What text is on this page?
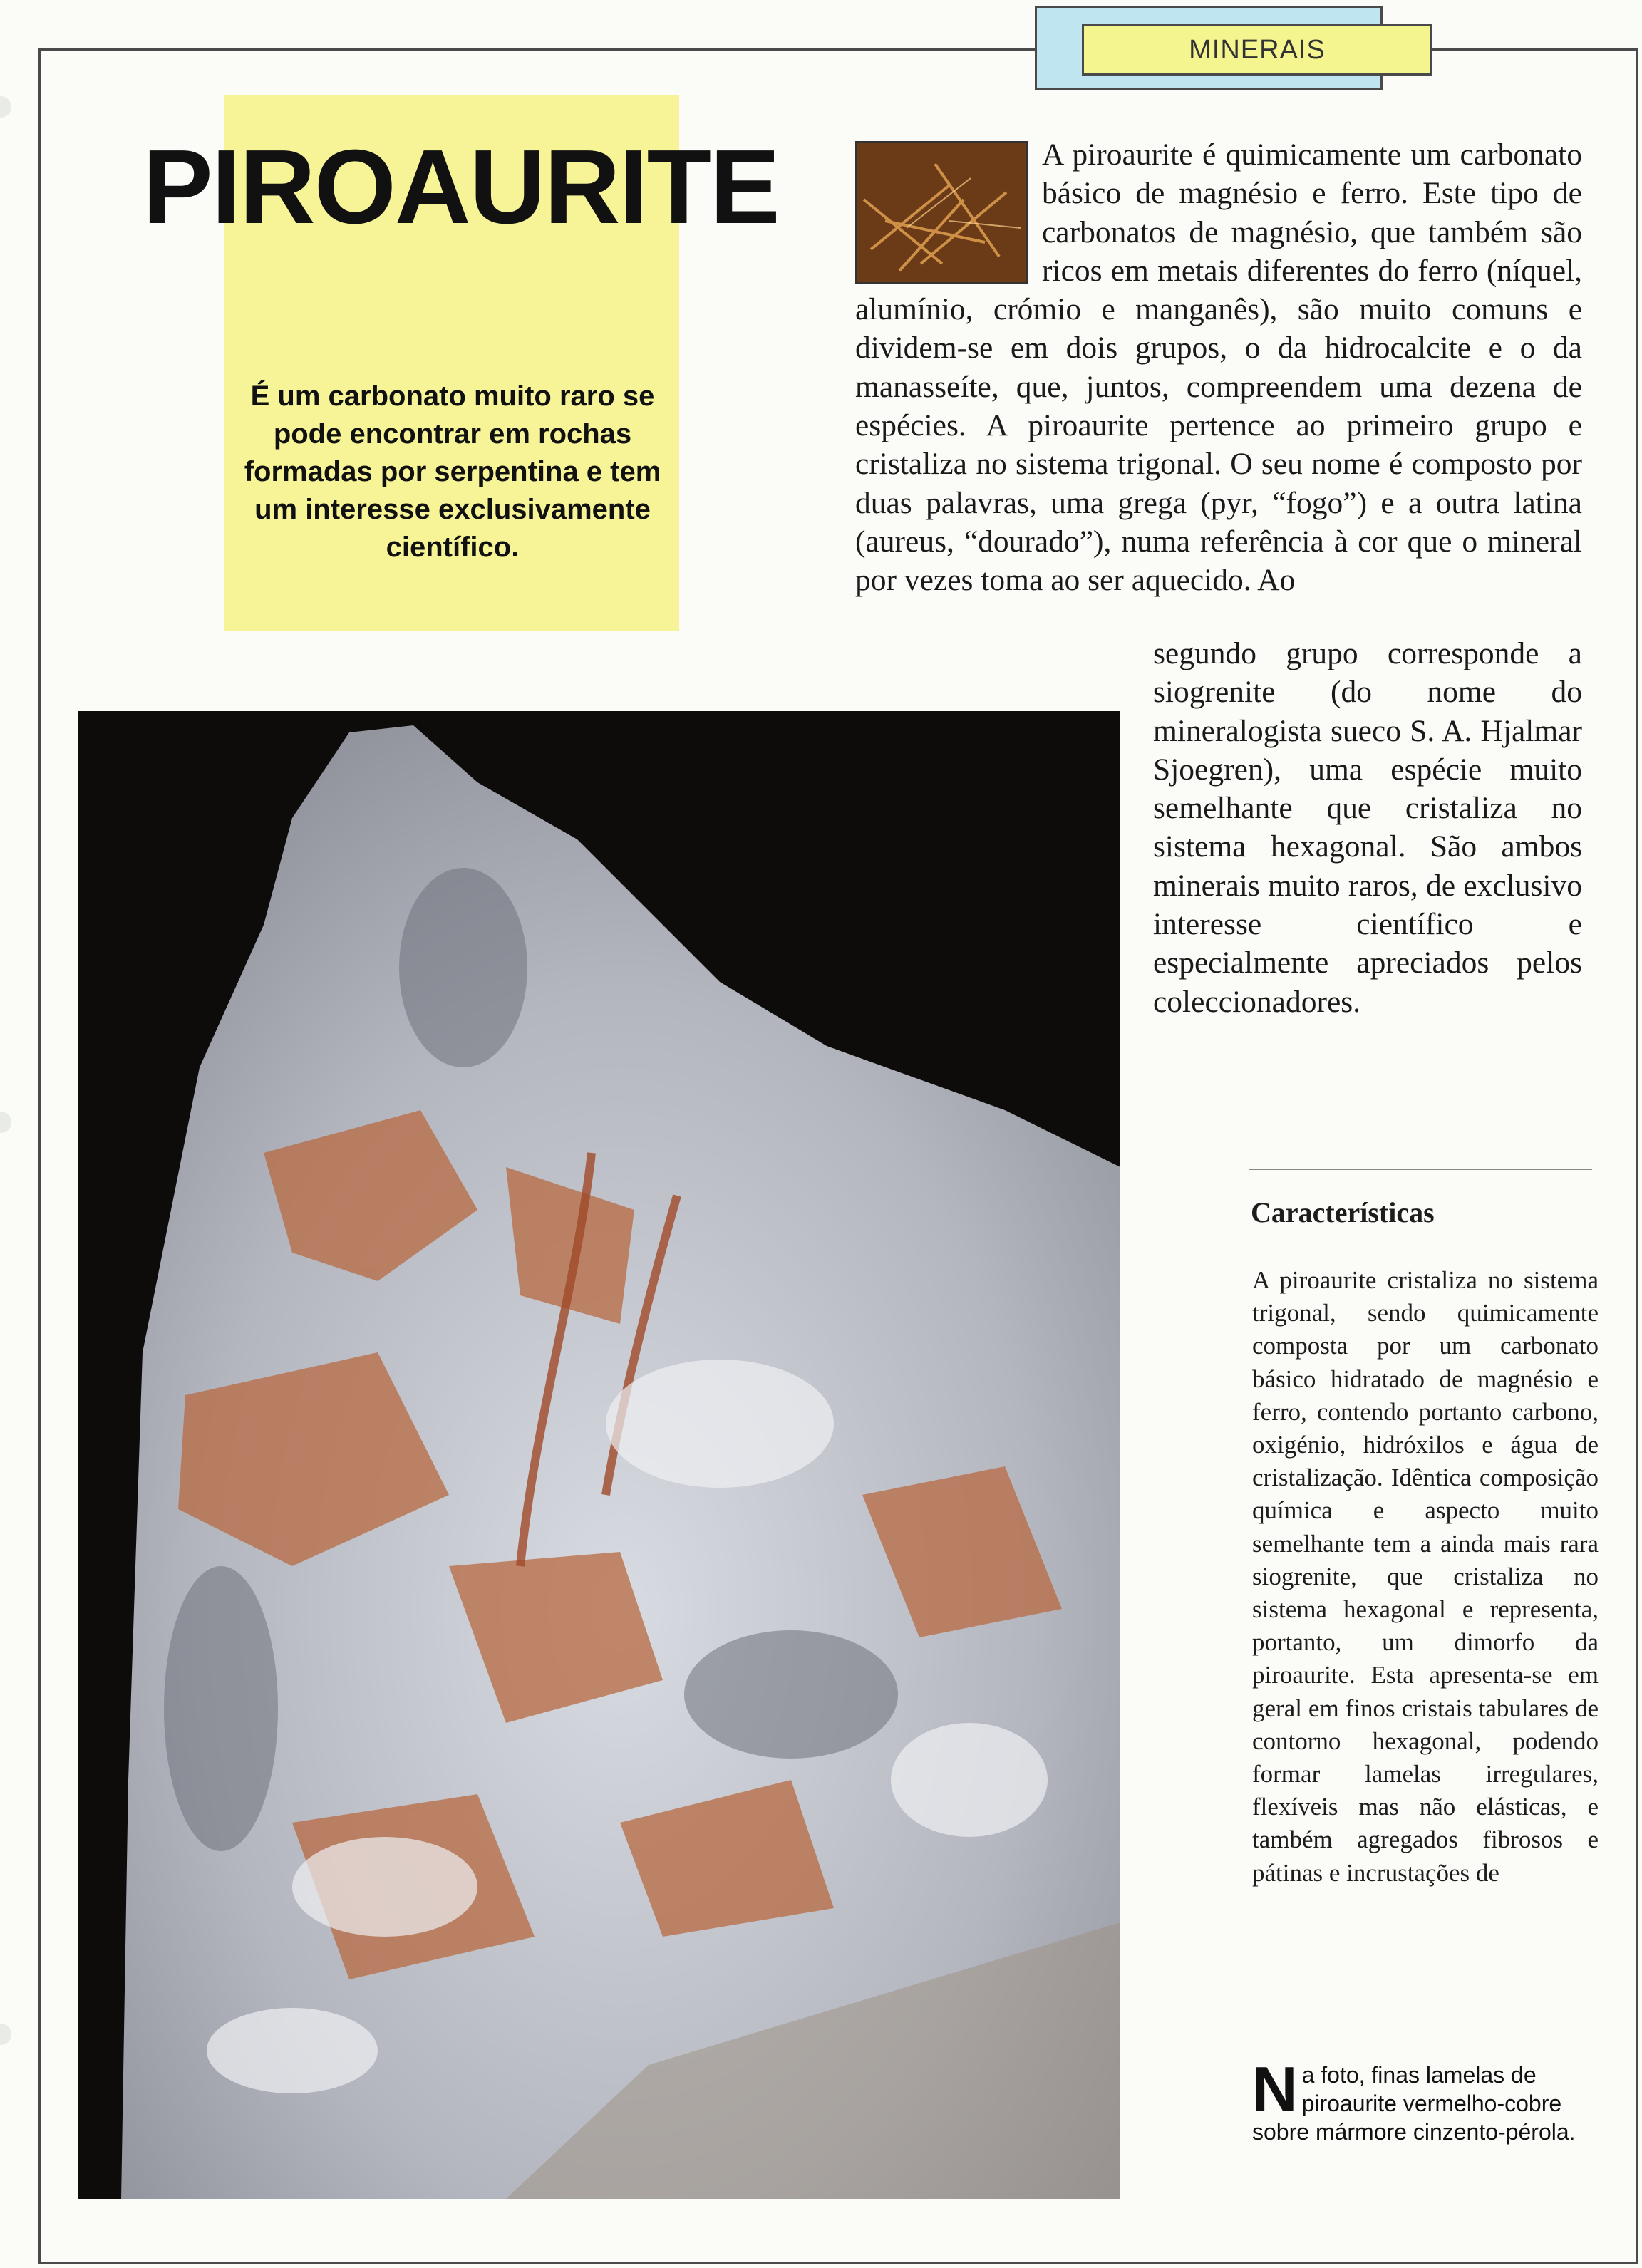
MINERAIS
PIROAURITE
É um carbonato muito raro se pode encontrar em rochas formadas por serpentina e tem um interesse exclusivamente científico.
A piroaurite é quimicamente um carbonato básico de magnésio e ferro. Este tipo de carbonatos de magnésio, que também são ricos em metais diferentes do ferro (níquel, alumínio, crómio e manganês), são muito comuns e dividem-se em dois grupos, o da hidrocalcite e o da manasseíte, que, juntos, compreendem uma dezena de espécies. A piroaurite pertence ao primeiro grupo e cristaliza no sistema trigonal. O seu nome é composto por duas palavras, uma grega (pyr, “fogo”) e a outra latina (aureus, “dourado”), numa referência à cor que o mineral por vezes toma ao ser aquecido. Ao
segundo grupo corresponde a siogrenite (do nome do mineralogista sueco S. A. Hjalmar Sjoegren), uma espécie muito semelhante que cristaliza no sistema hexagonal. São ambos minerais muito raros, de exclusivo interesse científico e especialmente apreciados pelos coleccionadores.
Características
A piroaurite cristaliza no sistema trigonal, sendo quimicamente composta por um carbonato básico hidratado de magnésio e ferro, contendo portanto carbono, oxigénio, hidróxilos e água de cristalização. Idêntica composição química e aspecto muito semelhante tem a ainda mais rara siogrenite, que cristaliza no sistema hexagonal e representa, portanto, um dimorfo da piroaurite. Esta apresenta-se em geral em finos cristais tabulares de contorno hexagonal, podendo formar lamelas irregulares, flexíveis mas não elásticas, e também agregados fibrosos e pátinas e incrustações de
N a foto, finas lamelas de piroaurite vermelho-cobre sobre mármore cinzento-pérola.
